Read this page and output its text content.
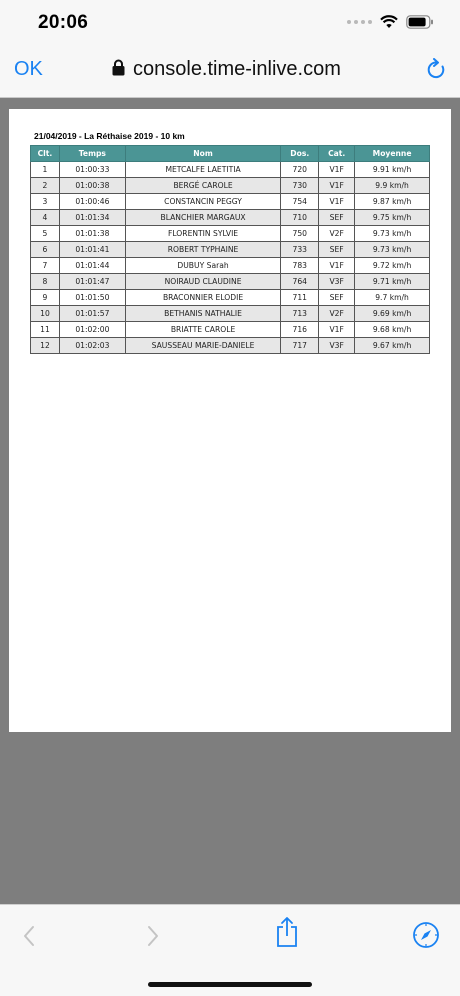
20:06
OK	console.time-inlive.com
21/04/2019 - La Réthaise 2019 - 10 km
Clt.	Temps	Nom	Dos.	Cat.	Moyenne
1	01:00:33	METCALFE LAETITIA	720	V1F	9.91 km/h
2	01:00:38	BERGÉ CAROLE	730	V1F	9.9 km/h
3	01:00:46	CONSTANCIN PEGGY	754	V1F	9.87 km/h
4	01:01:34	BLANCHIER MARGAUX	710	SEF	9.75 km/h
5	01:01:38	FLORENTIN SYLVIE	750	V2F	9.73 km/h
6	01:01:41	ROBERT TYPHAINE	733	SEF	9.73 km/h
7	01:01:44	DUBUY Sarah	783	V1F	9.72 km/h
8	01:01:47	NOIRAUD CLAUDINE	764	V3F	9.71 km/h
9	01:01:50	BRACONNIER ELODIE	711	SEF	9.7 km/h
10	01:01:57	BETHANIS NATHALIE	713	V2F	9.69 km/h
11	01:02:00	BRIATTE CAROLE	716	V1F	9.68 km/h
12	01:02:03	SAUSSEAU MARIE-DANIELE	717	V3F	9.67 km/h
